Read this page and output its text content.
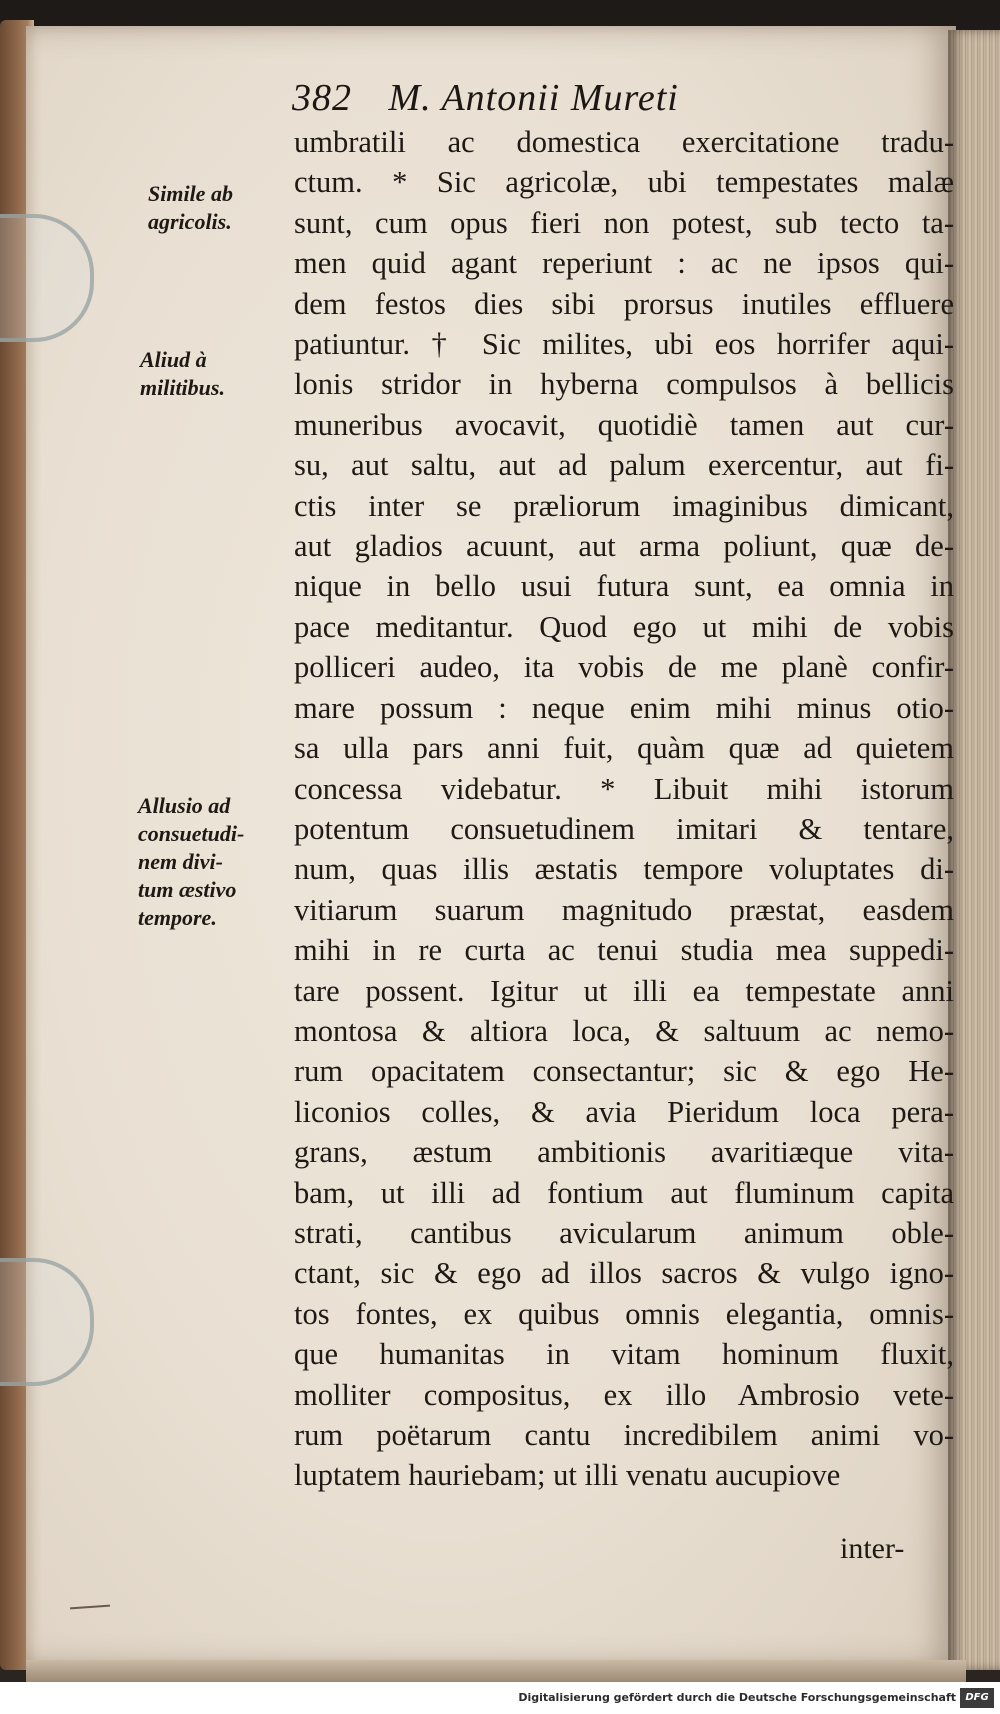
382 M. Antonii Mureti
Simile ab
agricolis.
Aliud à
militibus.
Allusio ad
consuetudi-
nem divi-
tum æstivo
tempore.
umbratili ac domestica exercitatione tradu-
ctum. * Sic agricolæ, ubi tempestates malæ
sunt, cum opus fieri non potest, sub tecto ta-
men quid agant reperiunt : ac ne ipsos qui-
dem festos dies sibi prorsus inutiles effluere
patiuntur. † Sic milites, ubi eos horrifer aqui-
lonis stridor in hyberna compulsos à bellicis
muneribus avocavit, quotidiè tamen aut cur-
su, aut saltu, aut ad palum exercentur, aut fi-
ctis inter se præliorum imaginibus dimicant,
aut gladios acuunt, aut arma poliunt, quæ de-
nique in bello usui futura sunt, ea omnia in
pace meditantur. Quod ego ut mihi de vobis
polliceri audeo, ita vobis de me planè confir-
mare possum : neque enim mihi minus otio-
sa ulla pars anni fuit, quàm quæ ad quietem
concessa videbatur. * Libuit mihi istorum
potentum consuetudinem imitari & tentare,
num, quas illis æstatis tempore voluptates di-
vitiarum suarum magnitudo præstat, easdem
mihi in re curta ac tenui studia mea suppedi-
tare possent. Igitur ut illi ea tempestate anni
montosa & altiora loca, & saltuum ac nemo-
rum opacitatem consectantur; sic & ego He-
liconios colles, & avia Pieridum loca pera-
grans, æstum ambitionis avaritiæque vita-
bam, ut illi ad fontium aut fluminum capita
strati, cantibus avicularum animum oble-
ctant, sic & ego ad illos sacros & vulgo igno-
tos fontes, ex quibus omnis elegantia, omnis-
que humanitas in vitam hominum fluxit,
molliter compositus, ex illo Ambrosio vete-
rum poëtarum cantu incredibilem animi vo-
luptatem hauriebam; ut illi venatu aucupiove
inter-
Digitalisierung gefördert durch die Deutsche Forschungsgemeinschaft DFG
